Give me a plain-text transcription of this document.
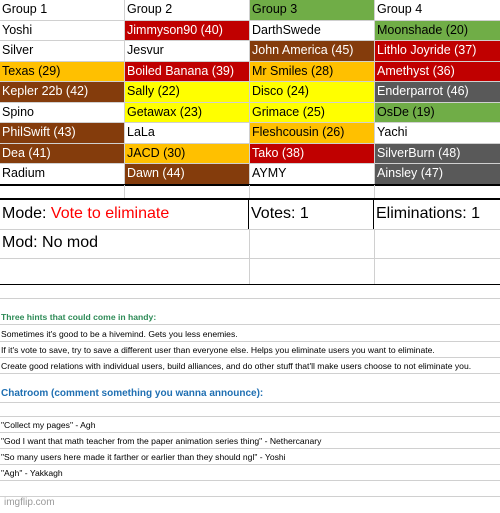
Group 1	Group 2	Group 3	Group 4
Yoshi	Jimmyson90 (40)	DarthSwede	Moonshade (20)
Silver	Jesvur	John America (45)	Lithlo Joyride (37)
Texas (29)	Boiled Banana (39)	Mr Smiles (28)	Amethyst (36)
Kepler 22b (42)	Sally (22)	Disco (24)	Enderparrot (46)
Spino	Getawax (23)	Grimace (25)	OsDe (19)
PhilSwift (43)	LaLa	Fleshcousin (26)	Yachi
Dea (41)	JACD (30)	Tako (38)	SilverBurn (48)
Radium	Dawn (44)	AYMY	Ainsley (47)
Mode: Vote to eliminate	Votes: 1	Eliminations: 1
Mod: No mod
Three hints that could come in handy:
Sometimes it's good to be a hivemind. Gets you less enemies.
If it's vote to save, try to save a different user than everyone else. Helps you eliminate users you want to eliminate.
Create good relations with individual users, build alliances, and do other stuff that'll make users choose to not eliminate you.
Chatroom (comment something you wanna announce):
"Collect my pages" - Agh
"God I want that math teacher from the paper animation series thing" - Nethercanary
"So many users here made it farther or earlier than they should ngl" - Yoshi
"Agh" - Yakkagh
imgflip.com
